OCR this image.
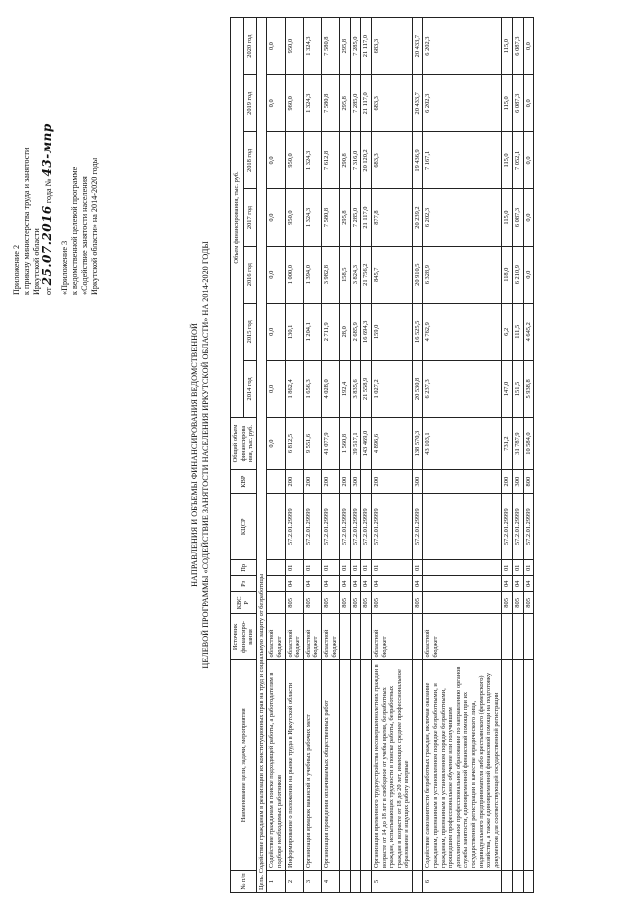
Приложение 2 к приказу министерства труда и занятости Иркутской области от 25.07.2016 года № 43-мпр
«Приложение 3 к ведомственной целевой программе «Содействие занятости населения Иркутской области» на 2014-2020 годы
НАПРАВЛЕНИЯ И ОБЪЕМЫ ФИНАНСИРОВАНИЯ ВЕДОМСТВЕННОЙ ЦЕЛЕВОЙ ПРОГРАММЫ «СОДЕЙСТВИЕ ЗАНЯТОСТИ НАСЕЛЕНИЯ ИРКУТСКОЙ ОБЛАСТИ» НА 2014-2020 ГОДЫ
№ п/п	Наименование цели, задачи, мероприятия	Источник финансиро-вания	КВС Р	Рз	Пр	КЦСР	КВР	Общий объем финансирова ния, тыс. руб.	Объем финансирования, тыс. руб.						
									2014 год	2015 год	2016 год	2017 год	2018 год	2019 год	2020 год
Цель. Содействие гражданам в реализации их конституционных прав на труд и социальную защиту от безработицы															
1	Содействие гражданам в поиске подходящей работы, а работодателям в подборе необходимых работников	областной бюджет						0,0	0,0	0,0	0,0	0,0	0,0	0,0	0,0
2	Информирование о положении на рынке труда в Иркутской области	областной бюджет	805	04	01	57.2.01.29999	200	6 812,5	1 862,4	130,1	1 000,0	950,0	950,0	960,0	950,0
3	Организация ярмарок вакансий и учебных рабочих мест	областной бюджет	805	04	01	57.2.01.29999	200	9 551,6	1 656,3	1 204,1	1 394,0	1 324,3	1 324,3	1 324,3	1 324,3
4	Организация проведения оплачиваемых общественных работ	областной бюджет	805	04	01	57.2.01.29999	200	41 077,9	4 028,0	2 711,9	3 982,8	7 580,8	7 612,8	7 580,8	7 580,8
			805	04	01	57.2.01.29999	200	1 560,8	192,4	28,0	158,5	295,8	290,8	295,8	295,8
			805	04	01	57.2.01.29999	300	39 517,1	3 835,6	2 685,9	3 824,3	7 285,0	7 316,0	7 285,0	7 285,0
			805	04	01	57.2.01.29999		143 469,0	21 558,9	16 694,3	21 756,2	21 117,0	20 120,2	21 117,0	21 117,0
5	Организация временного трудоустройства несовершеннолетних граждан в возрасте от 14 до 18 лет в свободное от учебы время, безработных граждан, испытывающих трудности в поиске работы, безработных граждан в возрасте от 18 до 20 лет, имеющих среднее профессиональное образование и ищущих работу впервые	областной бюджет	805	04	01	57.2.01.29999	200	4 896,6	1 027,2	159,0	845,7	877,8	683,3	683,3	683,3
			805	04	01	57.2.01.29999	300	138 570,3	20 530,8	16 525,5	20 910,5	20 239,2	19 436,9	20 433,7	20 433,7
6	Содействие самозанятости безработных граждан, включая оказание гражданам, признанным в установленном порядке безработными, и гражданам, признанным в установленном порядке безработными, прошедшим профессиональное обучение или получившим дополнительное профессиональное образование по направлению органов службы занятости, единовременной финансовой помощи при их государственной регистрации в качестве юридического лица, индивидуального предпринимателя либо крестьянского (фермерского) хозяйства, а также единовременной финансовой помощи на подготовку документов для соответствующей государственной регистрации	областной бюджет						43 103,1	6 237,3	4 762,9	6 328,9	6 202,3	7 167,1	6 202,3	6 202,3
			805	04	01	57.2.01.29999	200	731,2	147,0	6,2	118,0	115,0	115,0	115,0	115,0
			805	04	01	57.2.01.29999	300	31 787,9	151,5	111,5	6 210,9	6 087,3	7 052,1	6 087,3	6 087,3
			805	04	01	57.2.01.29999	800	10 584,0	5 938,8	4 645,2	0,0	0,0	0,0	0,0	0,0
